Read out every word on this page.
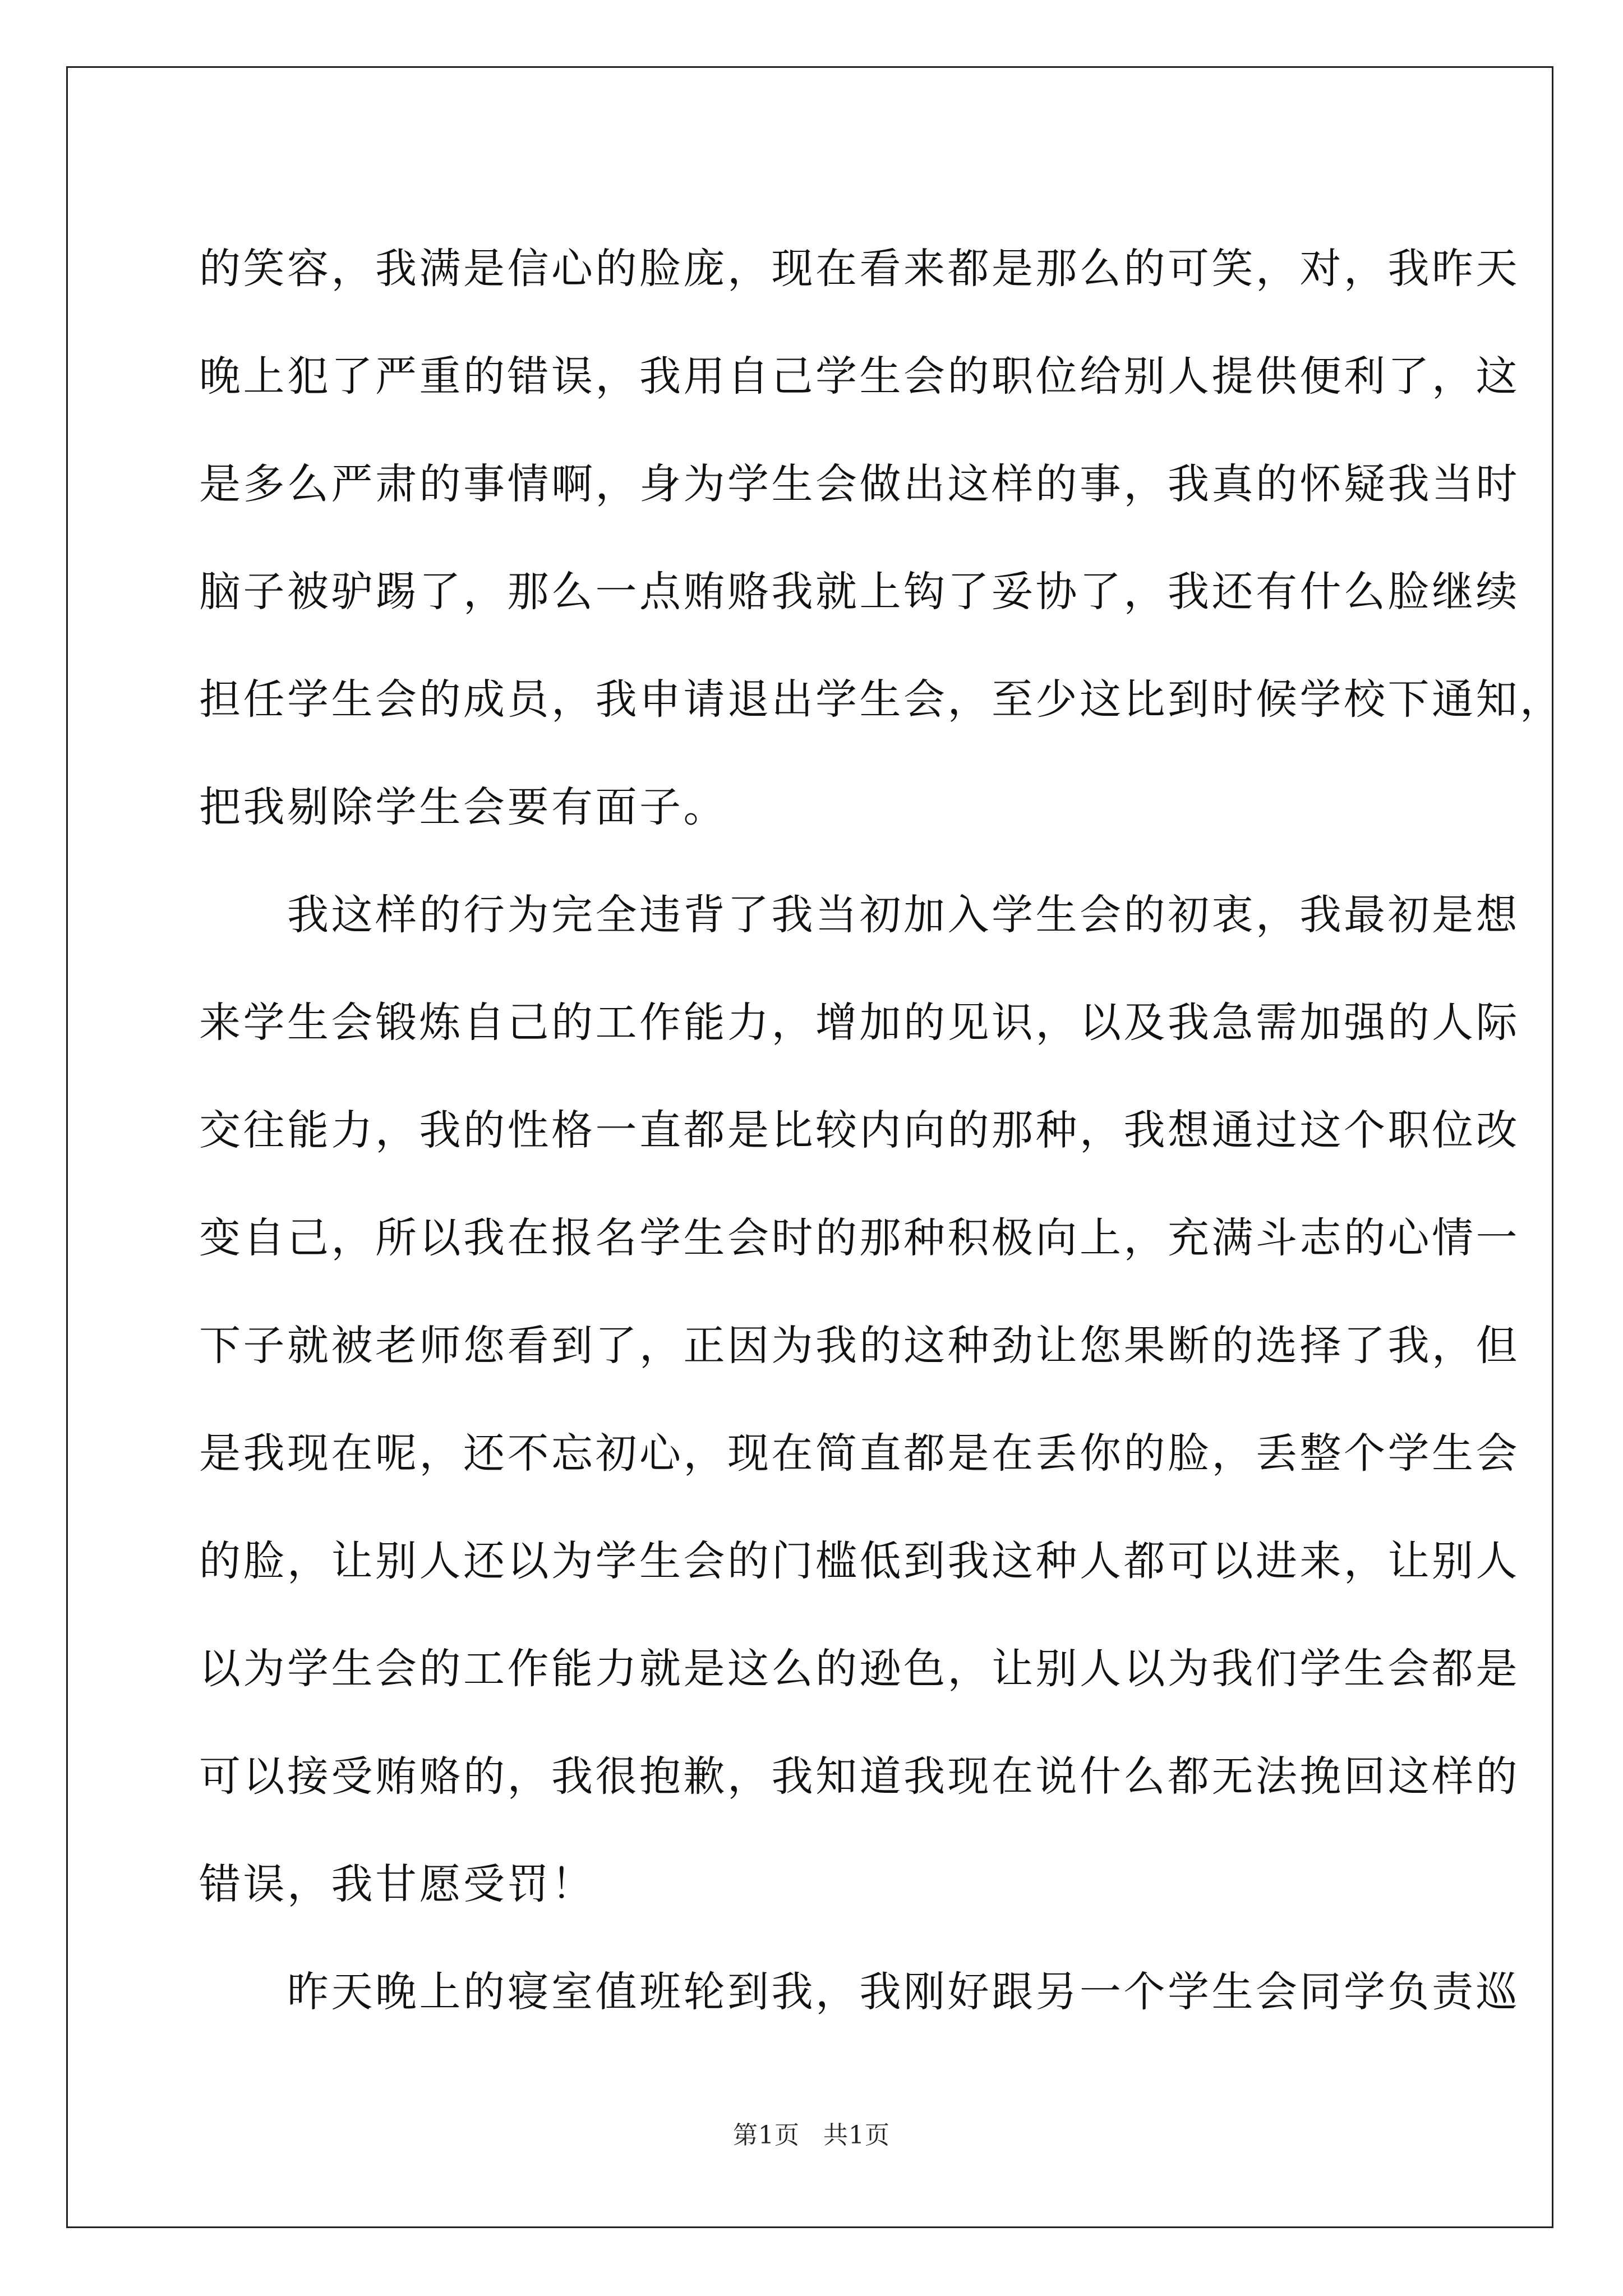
的笑容，我满是信心的脸庞，现在看来都是那么的可笑，对，我昨天
晚上犯了严重的错误，我用自己学生会的职位给别人提供便利了，这
是多么严肃的事情啊，身为学生会做出这样的事，我真的怀疑我当时
脑子被驴踢了，那么一点贿赂我就上钩了妥协了，我还有什么脸继续
担任学生会的成员，我申请退出学生会，至少这比到时候学校下通知，
把我剔除学生会要有面子。
　　我这样的行为完全违背了我当初加入学生会的初衷，我最初是想
来学生会锻炼自己的工作能力，增加的见识，以及我急需加强的人际
交往能力，我的性格一直都是比较内向的那种，我想通过这个职位改
变自己，所以我在报名学生会时的那种积极向上，充满斗志的心情一
下子就被老师您看到了，正因为我的这种劲让您果断的选择了我，但
是我现在呢，还不忘初心，现在简直都是在丢你的脸，丢整个学生会
的脸，让别人还以为学生会的门槛低到我这种人都可以进来，让别人
以为学生会的工作能力就是这么的逊色，让别人以为我们学生会都是
可以接受贿赂的，我很抱歉，我知道我现在说什么都无法挽回这样的
错误，我甘愿受罚！
　　昨天晚上的寝室值班轮到我，我刚好跟另一个学生会同学负责巡
第1页 共1页
